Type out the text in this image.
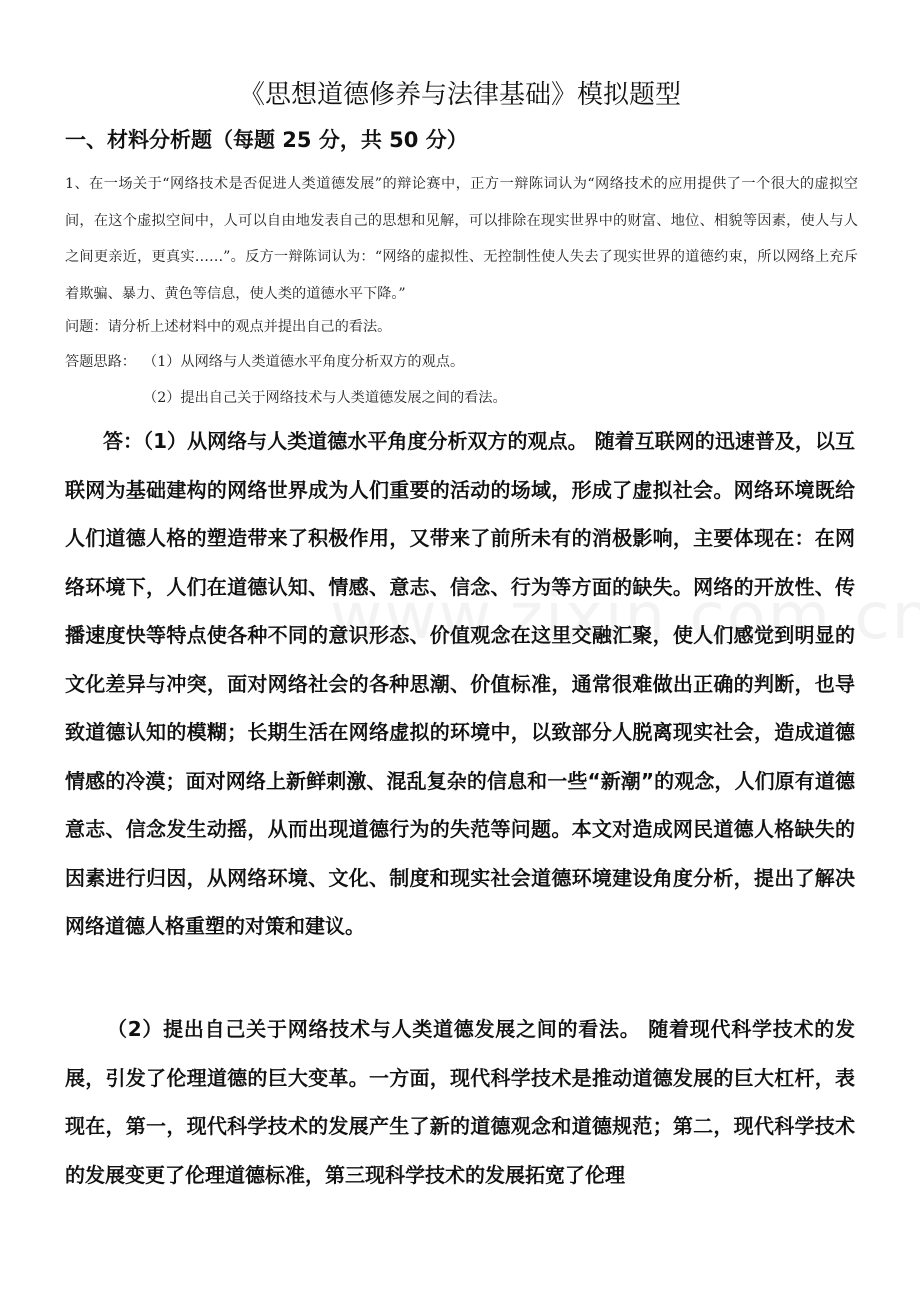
《思想道德修养与法律基础》模拟题型
一、材料分析题（每题 25 分，共 50 分）
1、在一场关于“网络技术是否促进人类道德发展”的辩论赛中，正方一辩陈词认为“网络技术的应用提供了一个很大的虚拟空间，在这个虚拟空间中，人可以自由地发表自己的思想和见解，可以排除在现实世界中的财富、地位、相貌等因素，使人与人之间更亲近，更真实……”。反方一辩陈词认为：“网络的虚拟性、无控制性使人失去了现实世界的道德约束，所以网络上充斥着欺骗、暴力、黄色等信息，使人类的道德水平下降。”
问题：请分析上述材料中的观点并提出自己的看法。
答题思路： （1）从网络与人类道德水平角度分析双方的观点。
（2）提出自己关于网络技术与人类道德发展之间的看法。
答：（1）从网络与人类道德水平角度分析双方的观点。 随着互联网的迅速普及，以互联网为基础建构的网络世界成为人们重要的活动的场域，形成了虚拟社会。网络环境既给人们道德人格的塑造带来了积极作用，又带来了前所未有的消极影响，主要体现在：在网络环境下，人们在道德认知、情感、意志、信念、行为等方面的缺失。网络的开放性、传播速度快等特点使各种不同的意识形态、价值观念在这里交融汇聚，使人们感觉到明显的文化差异与冲突，面对网络社会的各种思潮、价值标准，通常很难做出正确的判断，也导致道德认知的模糊；长期生活在网络虚拟的环境中，以致部分人脱离现实社会，造成道德情感的冷漠；面对网络上新鲜刺激、混乱复杂的信息和一些“新潮”的观念，人们原有道德意志、信念发生动摇，从而出现道德行为的失范等问题。本文对造成网民道德人格缺失的因素进行归因，从网络环境、文化、制度和现实社会道德环境建设角度分析，提出了解决网络道德人格重塑的对策和建议。
（2）提出自己关于网络技术与人类道德发展之间的看法。 随着现代科学技术的发展，引发了伦理道德的巨大变革。一方面，现代科学技术是推动道德发展的巨大杠杆，表现在，第一，现代科学技术的发展产生了新的道德观念和道德规范；第二，现代科学技术的发展变更了伦理道德标准，第三现科学技术的发展拓宽了伦理
